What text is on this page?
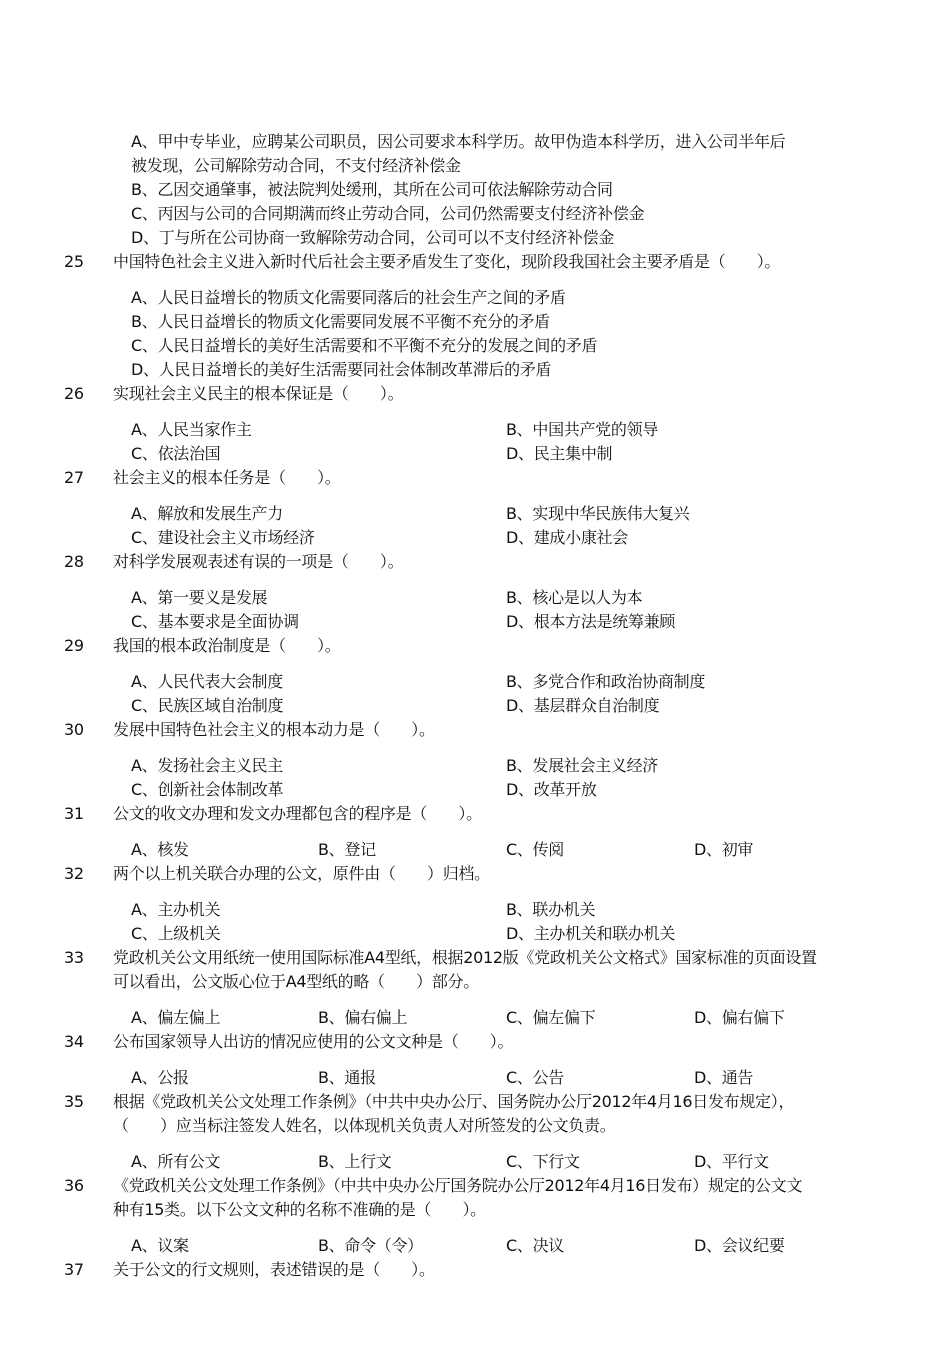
A、甲中专毕业，应聘某公司职员，因公司要求本科学历。故甲伪造本科学历，进入公司半年后
被发现，公司解除劳动合同，不支付经济补偿金
B、乙因交通肇事，被法院判处缓刑，其所在公司可依法解除劳动合同
C、丙因与公司的合同期满而终止劳动合同，公司仍然需要支付经济补偿金
D、丁与所在公司协商一致解除劳动合同，公司可以不支付经济补偿金
25 中国特色社会主义进入新时代后社会主要矛盾发生了变化，现阶段我国社会主要矛盾是（　　）。
A、人民日益增长的物质文化需要同落后的社会生产之间的矛盾
B、人民日益增长的物质文化需要同发展不平衡不充分的矛盾
C、人民日益增长的美好生活需要和不平衡不充分的发展之间的矛盾
D、人民日益增长的美好生活需要同社会体制改革滞后的矛盾
26 实现社会主义民主的根本保证是（　　）。
A、人民当家作主	B、中国共产党的领导
C、依法治国	D、民主集中制
27 社会主义的根本任务是（　　）。
A、解放和发展生产力	B、实现中华民族伟大复兴
C、建设社会主义市场经济	D、建成小康社会
28 对科学发展观表述有误的一项是（　　）。
A、第一要义是发展	B、核心是以人为本
C、基本要求是全面协调	D、根本方法是统筹兼顾
29 我国的根本政治制度是（　　）。
A、人民代表大会制度	B、多党合作和政治协商制度
C、民族区域自治制度	D、基层群众自治制度
30 发展中国特色社会主义的根本动力是（　　）。
A、发扬社会主义民主	B、发展社会主义经济
C、创新社会体制改革	D、改革开放
31 公文的收文办理和发文办理都包含的程序是（　　）。
A、核发	B、登记	C、传阅	D、初审
32 两个以上机关联合办理的公文，原件由（　　）归档。
A、主办机关	B、联办机关
C、上级机关	D、主办机关和联办机关
33 党政机关公文用纸统一使用国际标准A4型纸，根据2012版《党政机关公文格式》国家标准的页面设置
可以看出，公文版心位于A4型纸的略（　　）部分。
A、偏左偏上	B、偏右偏上	C、偏左偏下	D、偏右偏下
34 公布国家领导人出访的情况应使用的公文文种是（　　）。
A、公报	B、通报	C、公告	D、通告
35 根据《党政机关公文处理工作条例》（中共中央办公厅、国务院办公厅2012年4月16日发布规定），
（　　）应当标注签发人姓名，以体现机关负责人对所签发的公文负责。
A、所有公文	B、上行文	C、下行文	D、平行文
36 《党政机关公文处理工作条例》（中共中央办公厅国务院办公厅2012年4月16日发布）规定的公文文
种有15类。以下公文文种的名称不准确的是（　　）。
A、议案	B、命令（令）	C、决议	D、会议纪要
37 关于公文的行文规则，表述错误的是（　　）。
